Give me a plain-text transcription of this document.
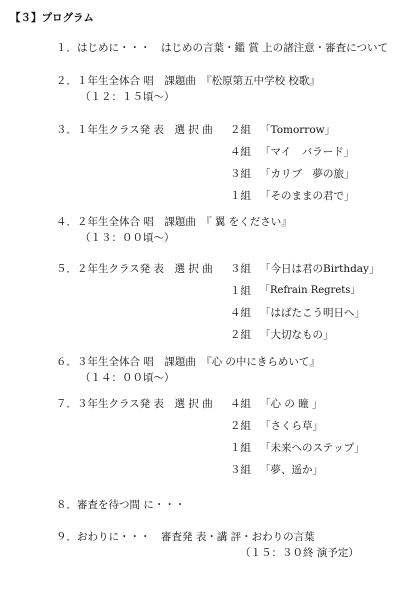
【３】プログラム
１．はじめに・・・　はじめの言葉・鑑 賞 上の諸注意・審査について
２．１年生全体合 唱　課題曲　『松原第五中学校 校歌』
（１２：１５頃～）
３．１年生クラス発 表　選 択 曲 ２組 「Tomorrow」
４組 「マイ　バラード」
３組 「カリブ　夢の旅」
１組 「そのままの君で」
４．２年生全体合 唱　課題曲　『 翼 をください』
（１３：００頃～）
５．２年生クラス発 表　選 択 曲 ３組 「今日は君のBirthday」
１組 「Refrain Regrets」
４組 「はばたこう明日へ」
２組 「大切なもの」
６．３年生全体合 唱　課題曲　『心 の中にきらめいて』
（１４：００頃～）
７．３年生クラス発 表　選 択 曲 ４組 「心 の 瞳 」
２組 「さくら草」
１組 「未来へのステップ」
３組 「夢、遥か」
８．審査を待つ間 に・・・
９．おわりに・・・　審査発 表・講 評・おわりの言葉
（１５：３０終 演予定）
